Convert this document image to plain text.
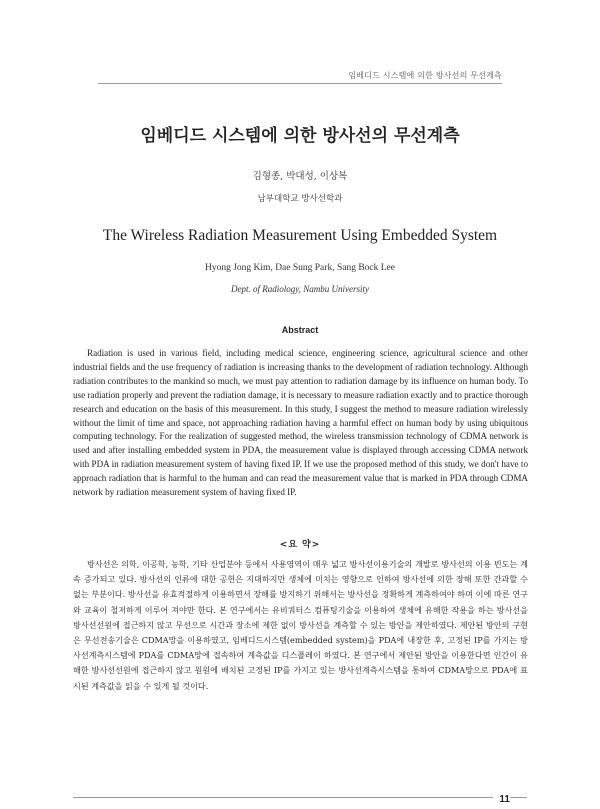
임베디드 시스템에 의한 방사선의 무선계측
임베디드 시스템에 의한 방사선의 무선계측
김형종, 박대성, 이상복
남부대학교 방사선학과
The Wireless Radiation Measurement Using Embedded System
Hyong Jong Kim, Dae Sung Park, Sang Bock Lee
Dept. of Radiology, Nambu University
Abstract

Radiation is used in various field, including medical science, engineering science, agricultural science and other industrial fields and the use frequency of radiation is increasing thanks to the development of radiation technology. Although radiation contributes to the mankind so much, we must pay attention to radiation damage by its influence on human body. To use radiation properly and prevent the radiation damage, it is necessary to measure radiation exactly and to practice thorough research and education on the basis of this measurement. In this study, I suggest the method to measure radiation wirelessly without the limit of time and space, not approaching radiation having a harmful effect on human body by using ubiquitous computing technology. For the realization of suggested method, the wireless transmission technology of CDMA network is used and after installing embedded system in PDA, the measurement value is displayed through accessing CDMA network with PDA in radiation measurement system of having fixed IP. If we use the proposed method of this study, we don't have to approach radiation that is harmful to the human and can read the measurement value that is marked in PDA through CDMA network by radiation measurement system of having fixed IP.

<요 약>

방사선은 의학, 이공학, 농학, 기타 산업분야 등에서 사용영역이 매우 넓고 방사선이용기술의 개발로 방사선의 이용 빈도는 계속 증가되고 있다. 방사선의 인류에 대한 공헌은 지대하지만 생체에 미치는 영향으로 인하여 방사선에 의한 장해 또한 간과할 수 없는 부분이다. 방사선을 유효적절하게 이용하면서 장해를 방지하기 위해서는 방사선을 정확하게 계측하여야 하며 이에 따른 연구와 교육이 철저하게 이루어 져야만 한다. 본 연구에서는 유비쿼터스 컴퓨팅기술을 이용하여 생체에 유해한 작용을 하는 방사선을 방사선선원에 접근하지 않고 무선으로 시간과 장소에 제한 없이 방사선을 계측할 수 있는 방안을 제안하였다. 제안된 방안의 구현은 무선전송기술은 CDMA망을 이용하였고, 임베디드시스템(embedded system)을 PDA에 내장한 후, 고정된 IP를 가지는 방사선계측시스템에 PDA를 CDMA망에 접속하여 계측값을 디스플레이 하였다. 본 연구에서 제안된 방안을 이용한다면 인간이 유해한 방사선선원에 접근하지 않고 원원에 배치된 고정된 IP를 가지고 있는 방사선계측시스템을 통하여 CDMA망으로 PDA에 표시된 계측값을 읽을 수 있게 될 것이다.

11
